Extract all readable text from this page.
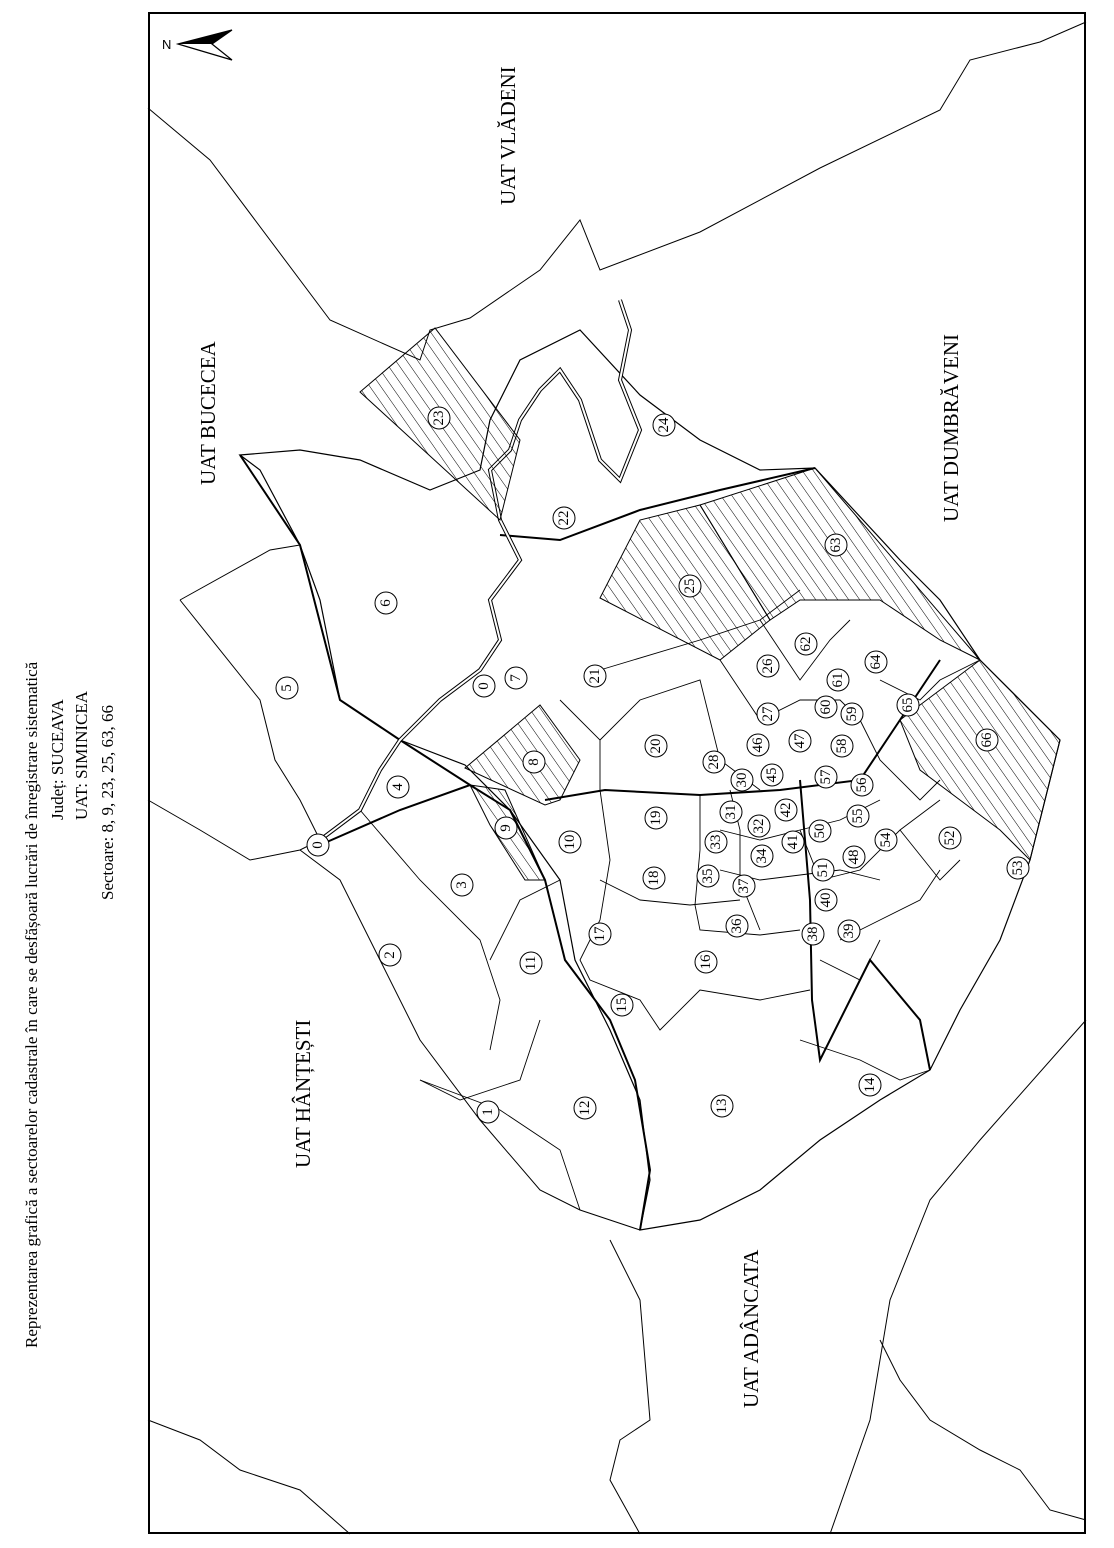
Reprezentarea grafică a sectoarelor cadastrale în care se desfășoară lucrări de înregistrare sistematică Județ: SUCEAVA UAT: SIMINICEA Sectoare: 8, 9, 23, 25, 63, 66
N
UAT VLĂDENI
UAT BUCECEA	UAT DUMBRĂVENI
UAT HÂNȚEȘTI
UAT ADÂNCATA
0
0
1
2
3
4
5
6
7
8
9
10
11
12	13
14
15
16
17
18
19
20
21
22
23	24
25
26
27
28
30
31
32
33
34
35
36
37
38 39
40
41
42
45
46 47
48
50
51
52
53
54
55
56
57
58
59
60
61
62
63
64
65
66
